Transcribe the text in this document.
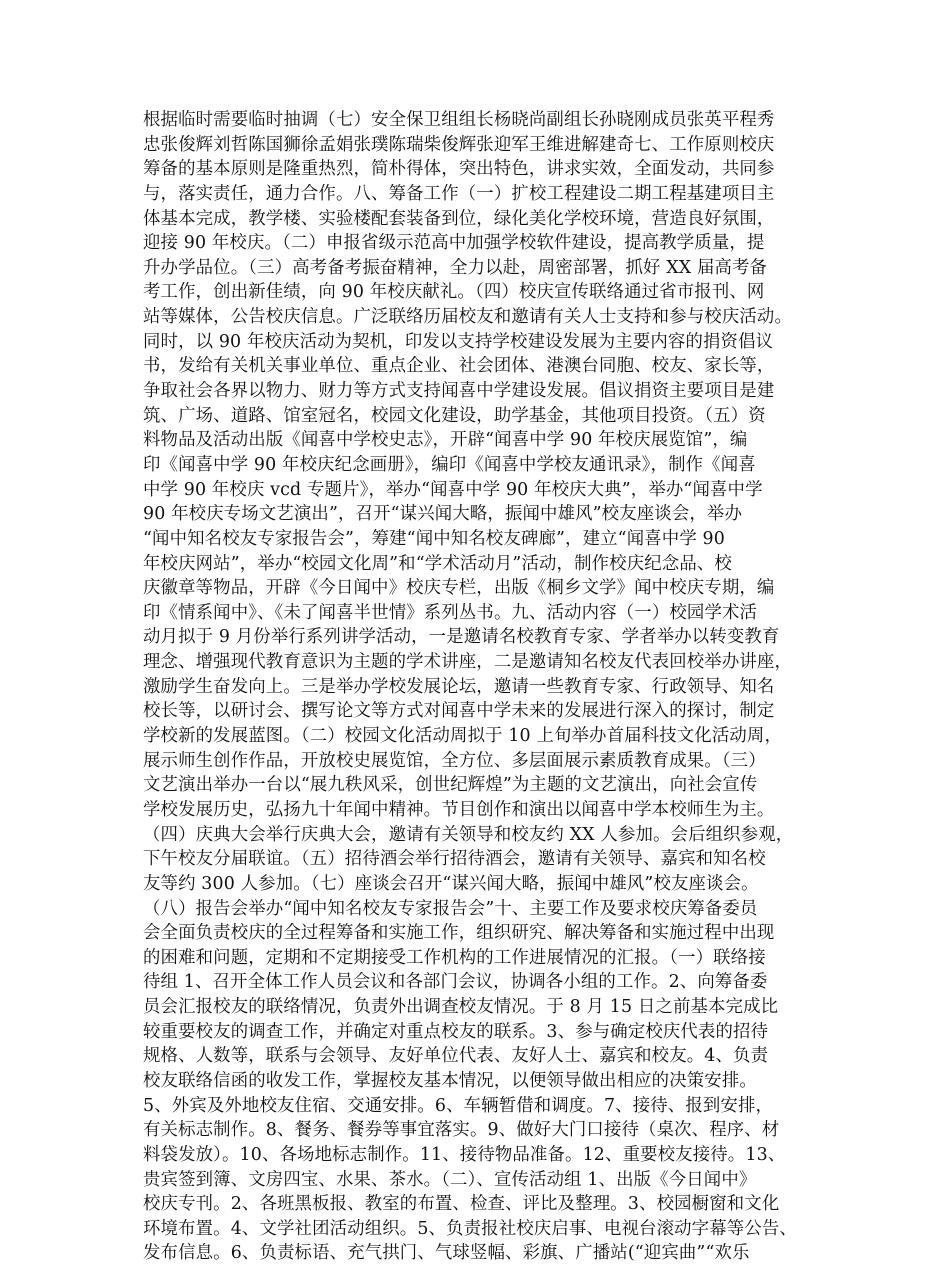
根据临时需要临时抽调（七）安全保卫组组长杨晓尚副组长孙晓刚成员张英平程秀
忠张俊辉刘哲陈国狮徐孟娟张璞陈瑞柴俊辉张迎军王维进解建奇七、工作原则校庆
筹备的基本原则是隆重热烈，简朴得体，突出特色，讲求实效，全面发动，共同参
与，落实责任，通力合作。八、筹备工作（一）扩校工程建设二期工程基建项目主
体基本完成，教学楼、实验楼配套装备到位，绿化美化学校环境，营造良好氛围，
迎接 90 年校庆。（二）申报省级示范高中加强学校软件建设，提高教学质量，提
升办学品位。（三）高考备考振奋精神，全力以赴，周密部署，抓好 XX 届高考备
考工作，创出新佳绩，向 90 年校庆献礼。（四）校庆宣传联络通过省市报刊、网
站等媒体，公告校庆信息。广泛联络历届校友和邀请有关人士支持和参与校庆活动。
同时，以 90 年校庆活动为契机，印发以支持学校建设发展为主要内容的捐资倡议
书，发给有关机关事业单位、重点企业、社会团体、港澳台同胞、校友、家长等，
争取社会各界以物力、财力等方式支持闻喜中学建设发展。倡议捐资主要项目是建
筑、广场、道路、馆室冠名，校园文化建设，助学基金，其他项目投资。（五）资
料物品及活动出版《闻喜中学校史志》，开辟“闻喜中学 90 年校庆展览馆”，编
印《闻喜中学 90 年校庆纪念画册》，编印《闻喜中学校友通讯录》，制作《闻喜
中学 90 年校庆 vcd 专题片》，举办“闻喜中学 90 年校庆大典”，举办“闻喜中学
90 年校庆专场文艺演出”，召开“谋兴闻大略，振闻中雄风”校友座谈会，举办
“闻中知名校友专家报告会”，筹建“闻中知名校友碑廊”，建立“闻喜中学 90
年校庆网站”，举办“校园文化周”和“学术活动月”活动，制作校庆纪念品、校
庆徽章等物品，开辟《今日闻中》校庆专栏，出版《桐乡文学》闻中校庆专期，编
印《情系闻中》、《未了闻喜半世情》系列丛书。九、活动内容（一）校园学术活
动月拟于 9 月份举行系列讲学活动，一是邀请名校教育专家、学者举办以转变教育
理念、增强现代教育意识为主题的学术讲座，二是邀请知名校友代表回校举办讲座，
激励学生奋发向上。三是举办学校发展论坛，邀请一些教育专家、行政领导、知名
校长等，以研讨会、撰写论文等方式对闻喜中学未来的发展进行深入的探讨，制定
学校新的发展蓝图。（二）校园文化活动周拟于 10 上旬举办首届科技文化活动周，
展示师生创作作品，开放校史展览馆，全方位、多层面展示素质教育成果。（三）
文艺演出举办一台以“展九秩风采，创世纪辉煌”为主题的文艺演出，向社会宣传
学校发展历史，弘扬九十年闻中精神。节目创作和演出以闻喜中学本校师生为主。
（四）庆典大会举行庆典大会，邀请有关领导和校友约 XX 人参加。会后组织参观，
下午校友分届联谊。（五）招待酒会举行招待酒会，邀请有关领导、嘉宾和知名校
友等约 300 人参加。（七）座谈会召开“谋兴闻大略，振闻中雄风”校友座谈会。
（八）报告会举办“闻中知名校友专家报告会”十、主要工作及要求校庆筹备委员
会全面负责校庆的全过程筹备和实施工作，组织研究、解决筹备和实施过程中出现
的困难和问题，定期和不定期接受工作机构的工作进展情况的汇报。（一）联络接
待组 1、召开全体工作人员会议和各部门会议，协调各小组的工作。2、向筹备委
员会汇报校友的联络情况，负责外出调查校友情况。于 8 月 15 日之前基本完成比
较重要校友的调查工作，并确定对重点校友的联系。3、参与确定校庆代表的招待
规格、人数等，联系与会领导、友好单位代表、友好人士、嘉宾和校友。4、负责
校友联络信函的收发工作，掌握校友基本情况，以便领导做出相应的决策安排。
5、外宾及外地校友住宿、交通安排。6、车辆暂借和调度。7、接待、报到安排，
有关标志制作。8、餐务、餐券等事宜落实。9、做好大门口接待（桌次、程序、材
料袋发放）。10、各场地标志制作。11、接待物品准备。12、重要校友接待。13、
贵宾签到簿、文房四宝、水果、茶水。（二）、宣传活动组 1、出版《今日闻中》
校庆专刊。2、各班黑板报、教室的布置、检查、评比及整理。3、校园橱窗和文化
环境布置。4、文学社团活动组织。5、负责报社校庆启事、电视台滚动字幕等公告、
发布信息。6、负责标语、充气拱门、气球竖幅、彩旗、广播站(“迎宾曲”“欢乐
